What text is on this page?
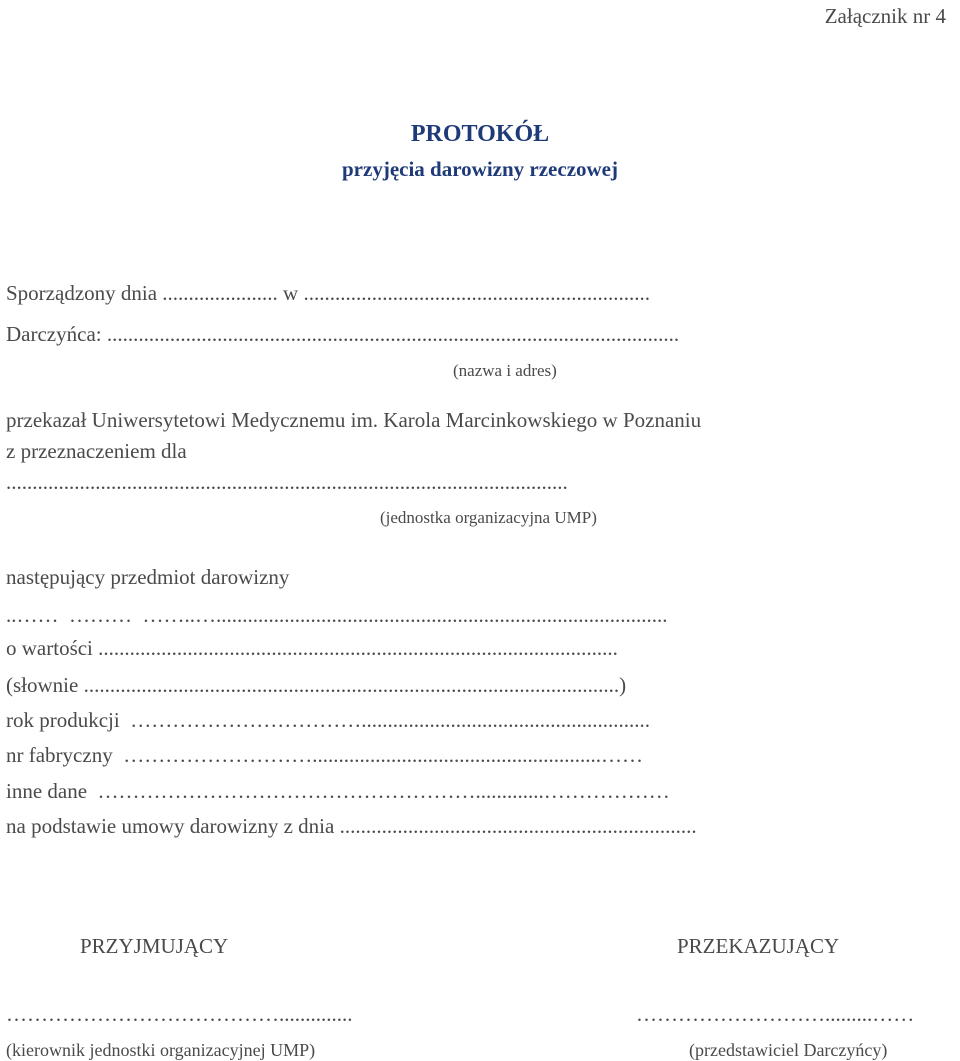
Załącznik nr 4
PROTOKÓŁ
przyjęcia darowizny rzeczowej
Sporządzony dnia ...................... w ..................................................................
Darczyńca: .............................................................................................................
(nazwa i adres)
przekazał Uniwersytetowi Medycznemu im. Karola Marcinkowskiego w Poznaniu
z przeznaczeniem dla
...........................................................................................................
(jednostka organizacyjna UMP)
następujący przedmiot darowizny
..……  ………  ……..…......................................................................................
o wartości ...................................................................................................
(słownie ......................................................................................................)
rok produkcji  …………………………….......................................................
nr fabryczny  ……………………….......................................................……
inne dane  ……………………………………………….............………………
na podstawie umowy darowizny z dnia ....................................................................
PRZYJMUJĄCY	PRZEKAZUJĄCY
…………………………………..............	……………………….........……
(kierownik jednostki organizacyjnej UMP)	(przedstawiciel Darczyńcy)
